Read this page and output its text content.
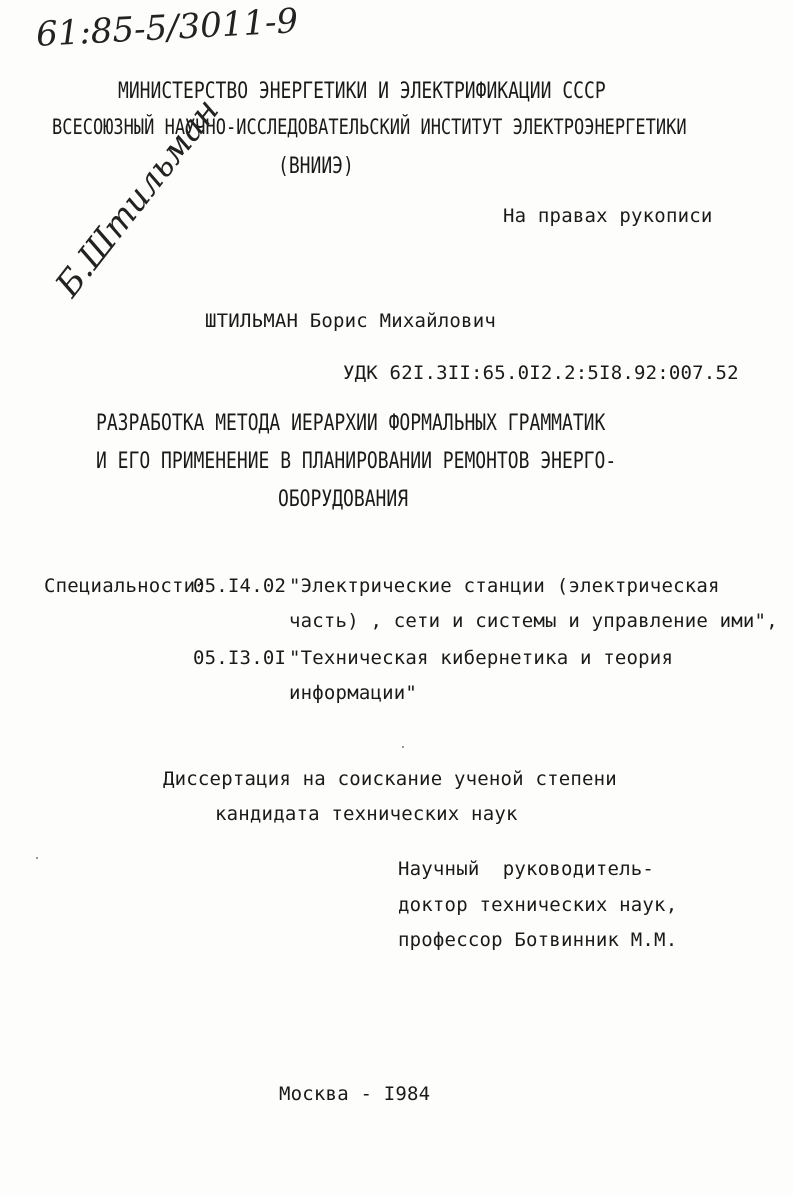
61:85-5/3011-9
МИНИСТЕРСТВО ЭНЕРГЕТИКИ И ЭЛЕКТРИФИКАЦИИ СССР
ВСЕСОЮЗНЫЙ НАУЧНО-ИССЛЕДОВАТЕЛЬСКИЙ ИНСТИТУТ ЭЛЕКТРОЭНЕРГЕТИКИ
(ВНИИЭ)
На правах рукописи
Б.Штильман
ШТИЛЬМАН Борис Михайлович
УДК 62I.3II:65.0I2.2:5I8.92:007.52
РАЗРАБОТКА МЕТОДА ИЕРАРХИИ ФОРМАЛЬНЫХ ГРАММАТИК
И ЕГО ПРИМЕНЕНИЕ В ПЛАНИРОВАНИИ РЕМОНТОВ ЭНЕРГО-
ОБОРУДОВАНИЯ
Специальности:
05.I4.02 "Электрические станции (электрическая
часть) , сети и системы и управление ими",
05.I3.0I "Техническая кибернетика и теория
информации"
Диссертация на соискание ученой степени
кандидата технических наук
Научный  руководитель-
доктор технических наук,
профессор Ботвинник М.М.
Москва - I984
